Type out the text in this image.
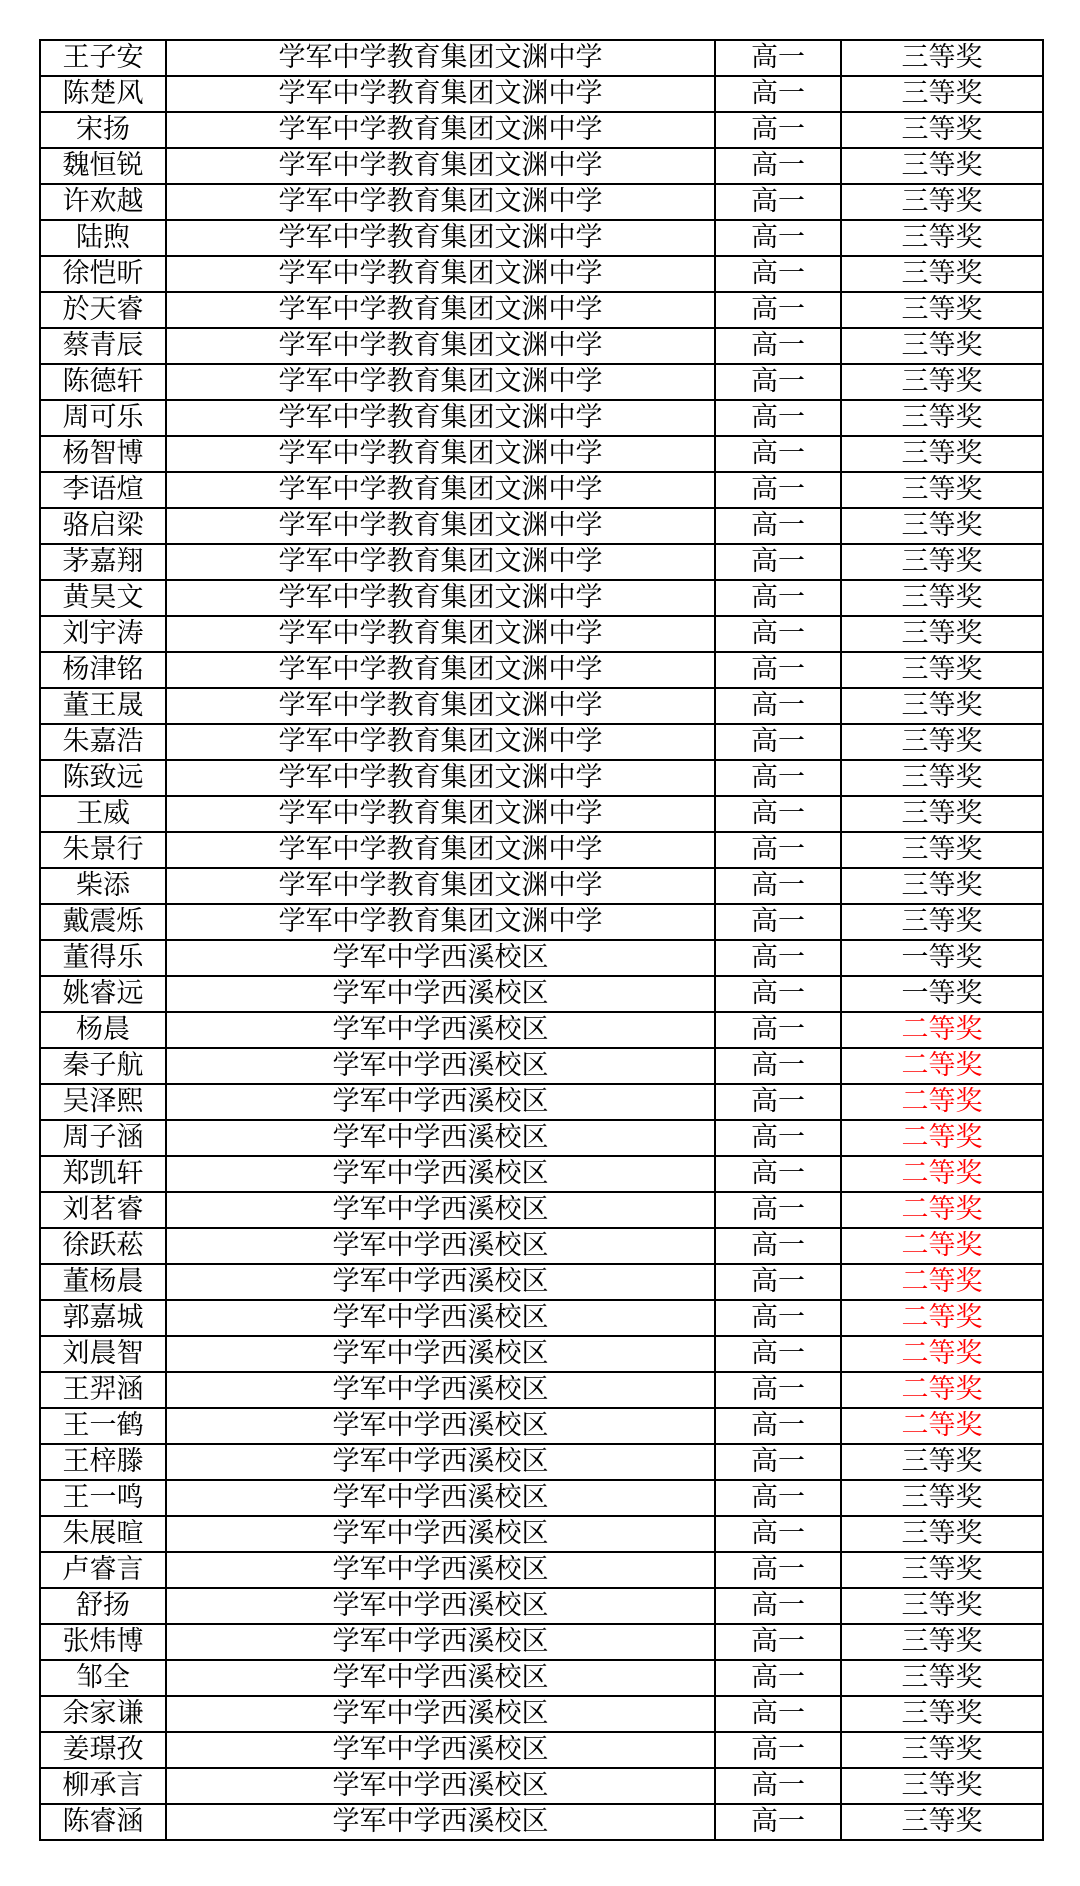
王子安	学军中学教育集团文渊中学	高一	三等奖
陈楚风	学军中学教育集团文渊中学	高一	三等奖
宋扬	学军中学教育集团文渊中学	高一	三等奖
魏恒锐	学军中学教育集团文渊中学	高一	三等奖
许欢越	学军中学教育集团文渊中学	高一	三等奖
陆煦	学军中学教育集团文渊中学	高一	三等奖
徐恺昕	学军中学教育集团文渊中学	高一	三等奖
於天睿	学军中学教育集团文渊中学	高一	三等奖
蔡青辰	学军中学教育集团文渊中学	高一	三等奖
陈德轩	学军中学教育集团文渊中学	高一	三等奖
周可乐	学军中学教育集团文渊中学	高一	三等奖
杨智博	学军中学教育集团文渊中学	高一	三等奖
李语煊	学军中学教育集团文渊中学	高一	三等奖
骆启梁	学军中学教育集团文渊中学	高一	三等奖
茅嘉翔	学军中学教育集团文渊中学	高一	三等奖
黄昊文	学军中学教育集团文渊中学	高一	三等奖
刘宇涛	学军中学教育集团文渊中学	高一	三等奖
杨津铭	学军中学教育集团文渊中学	高一	三等奖
董王晟	学军中学教育集团文渊中学	高一	三等奖
朱嘉浩	学军中学教育集团文渊中学	高一	三等奖
陈致远	学军中学教育集团文渊中学	高一	三等奖
王威	学军中学教育集团文渊中学	高一	三等奖
朱景行	学军中学教育集团文渊中学	高一	三等奖
柴添	学军中学教育集团文渊中学	高一	三等奖
戴震烁	学军中学教育集团文渊中学	高一	三等奖
董得乐	学军中学西溪校区	高一	一等奖
姚睿远	学军中学西溪校区	高一	一等奖
杨晨	学军中学西溪校区	高一	二等奖
秦子航	学军中学西溪校区	高一	二等奖
吴泽熙	学军中学西溪校区	高一	二等奖
周子涵	学军中学西溪校区	高一	二等奖
郑凯轩	学军中学西溪校区	高一	二等奖
刘茗睿	学军中学西溪校区	高一	二等奖
徐跃菘	学军中学西溪校区	高一	二等奖
董杨晨	学军中学西溪校区	高一	二等奖
郭嘉城	学军中学西溪校区	高一	二等奖
刘晨智	学军中学西溪校区	高一	二等奖
王羿涵	学军中学西溪校区	高一	二等奖
王一鹤	学军中学西溪校区	高一	二等奖
王梓滕	学军中学西溪校区	高一	三等奖
王一鸣	学军中学西溪校区	高一	三等奖
朱展暄	学军中学西溪校区	高一	三等奖
卢睿言	学军中学西溪校区	高一	三等奖
舒扬	学军中学西溪校区	高一	三等奖
张炜博	学军中学西溪校区	高一	三等奖
邹全	学军中学西溪校区	高一	三等奖
余家谦	学军中学西溪校区	高一	三等奖
姜璟孜	学军中学西溪校区	高一	三等奖
柳承言	学军中学西溪校区	高一	三等奖
陈睿涵	学军中学西溪校区	高一	三等奖
